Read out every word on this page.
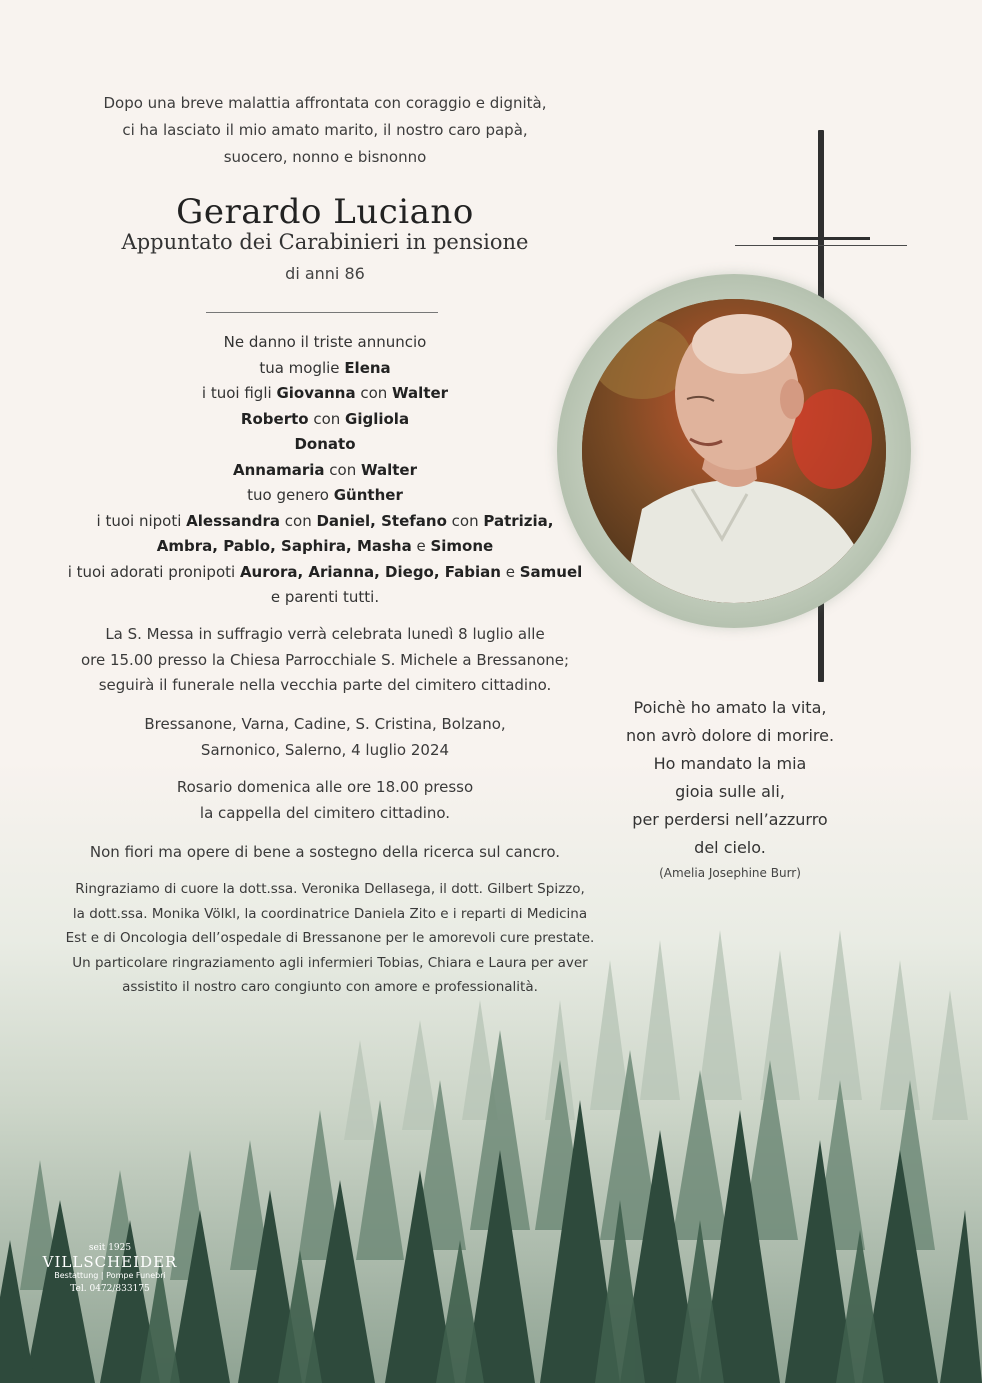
Dopo una breve malattia affrontata con coraggio e dignità,
ci ha lasciato il mio amato marito, il nostro caro papà,
suocero, nonno e bisnonno
Gerardo Luciano
Appuntato dei Carabinieri in pensione
di anni 86
Ne danno il triste annuncio
tua moglie Elena
i tuoi figli Giovanna con Walter
Roberto con Gigliola
Donato
Annamaria con Walter
tuo genero Günther
i tuoi nipoti Alessandra con Daniel, Stefano con Patrizia,
Ambra, Pablo, Saphira, Masha e Simone
i tuoi adorati pronipoti Aurora, Arianna, Diego, Fabian e Samuel
e parenti tutti.
La S. Messa in suffragio verrà celebrata lunedì 8 luglio alle
ore 15.00 presso la Chiesa Parrocchiale S. Michele a Bressanone;
seguirà il funerale nella vecchia parte del cimitero cittadino.
Bressanone, Varna, Cadine, S. Cristina, Bolzano,
Sarnonico, Salerno, 4 luglio 2024
Rosario domenica alle ore 18.00 presso
la cappella del cimitero cittadino.
Non fiori ma opere di bene a sostegno della ricerca sul cancro.
Ringraziamo di cuore la dott.ssa. Veronika Dellasega, il dott. Gilbert Spizzo,
la dott.ssa. Monika Völkl, la coordinatrice Daniela Zito e i reparti di Medicina
Est e di Oncologia dell’ospedale di Bressanone per le amorevoli cure prestate.
Un particolare ringraziamento agli infermieri Tobias, Chiara e Laura per aver
assistito il nostro caro congiunto con amore e professionalità.
Poichè ho amato la vita,
non avrò dolore di morire.
Ho mandato la mia
gioia sulle ali,
per perdersi nell’azzurro
del cielo.
(Amelia Josephine Burr)
seit 1925
VILLSCHEIDER
Bestattung | Pompe Funebri
Tel. 0472/833175
